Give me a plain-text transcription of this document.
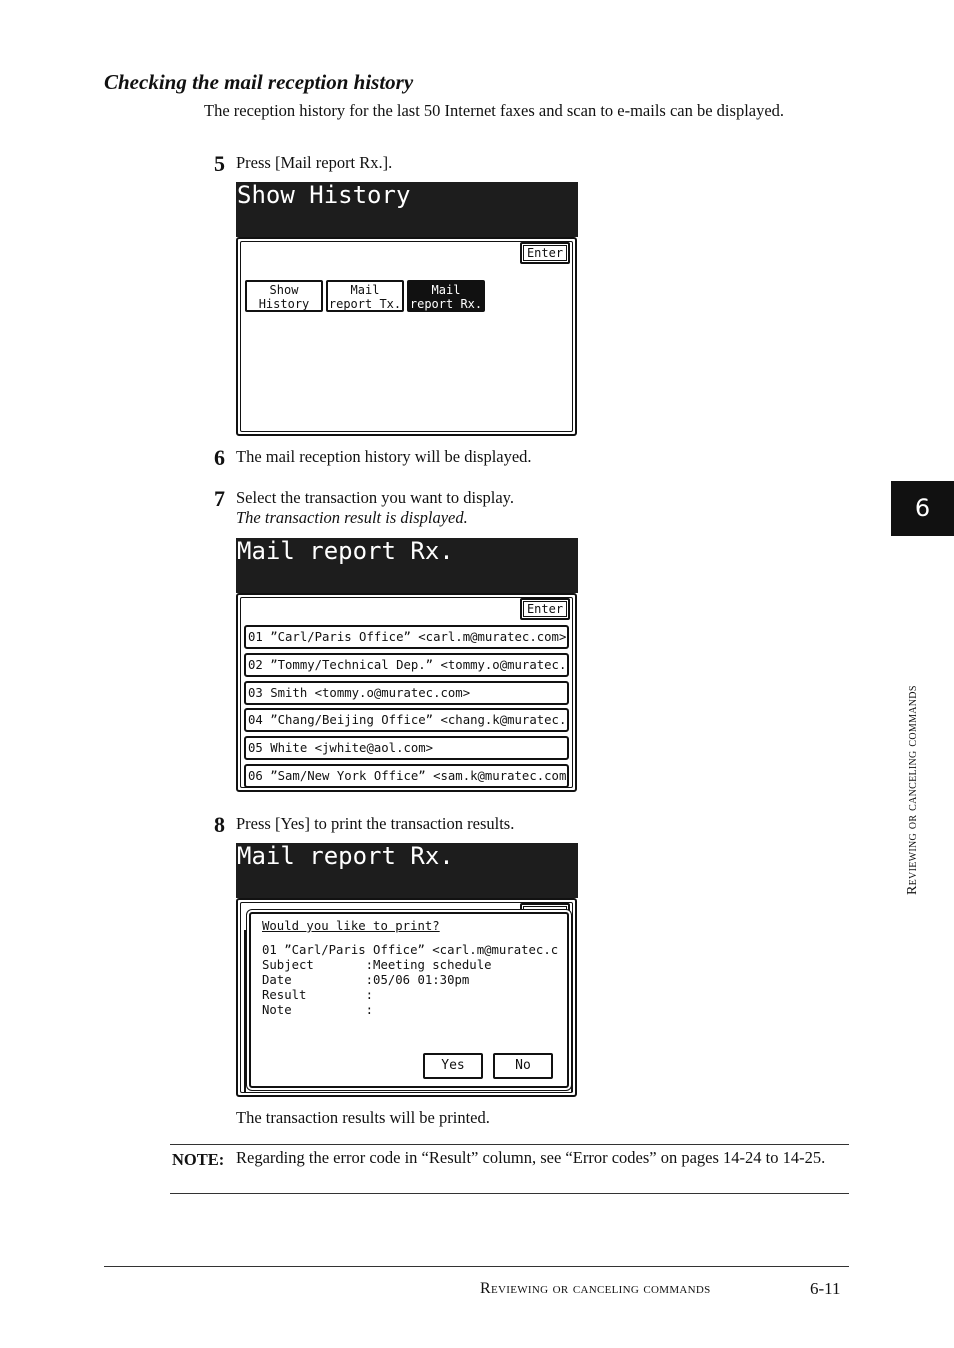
Checking the mail reception history
The reception history for the last 50 Internet faxes and scan to e-mails can be displayed.
5 Press [Mail report Rx.].
Show History
Enter
Show
History
Mail
report Tx.
Mail
report Rx.
6 The mail reception history will be displayed.
7 Select the transaction you want to display.
The transaction result is displayed.
Mail report Rx.
Enter
01 ”Carl/Paris Office” <carl.m@muratec.com>
02 ”Tommy/Technical Dep.” <tommy.o@muratec.
03 Smith <tommy.o@muratec.com>
04 ”Chang/Beijing Office” <chang.k@muratec.
05 White <jwhite@aol.com>
06 ”Sam/New York Office” <sam.k@muratec.com
8 Press [Yes] to print the transaction results.
Mail report Rx.
Would you like to print?
01 ”Carl/Paris Office” <carl.m@muratec.c
Subject       :Meeting schedule
Date          :05/06 01:30pm
Result        :
Note          :
Yes	No
The transaction results will be printed.
NOTE: Regarding the error code in “Result” column, see “Error codes” on pages 14-24 to 14-25.
6
Reviewing or canceling commands
Reviewing or canceling commands	6-11
